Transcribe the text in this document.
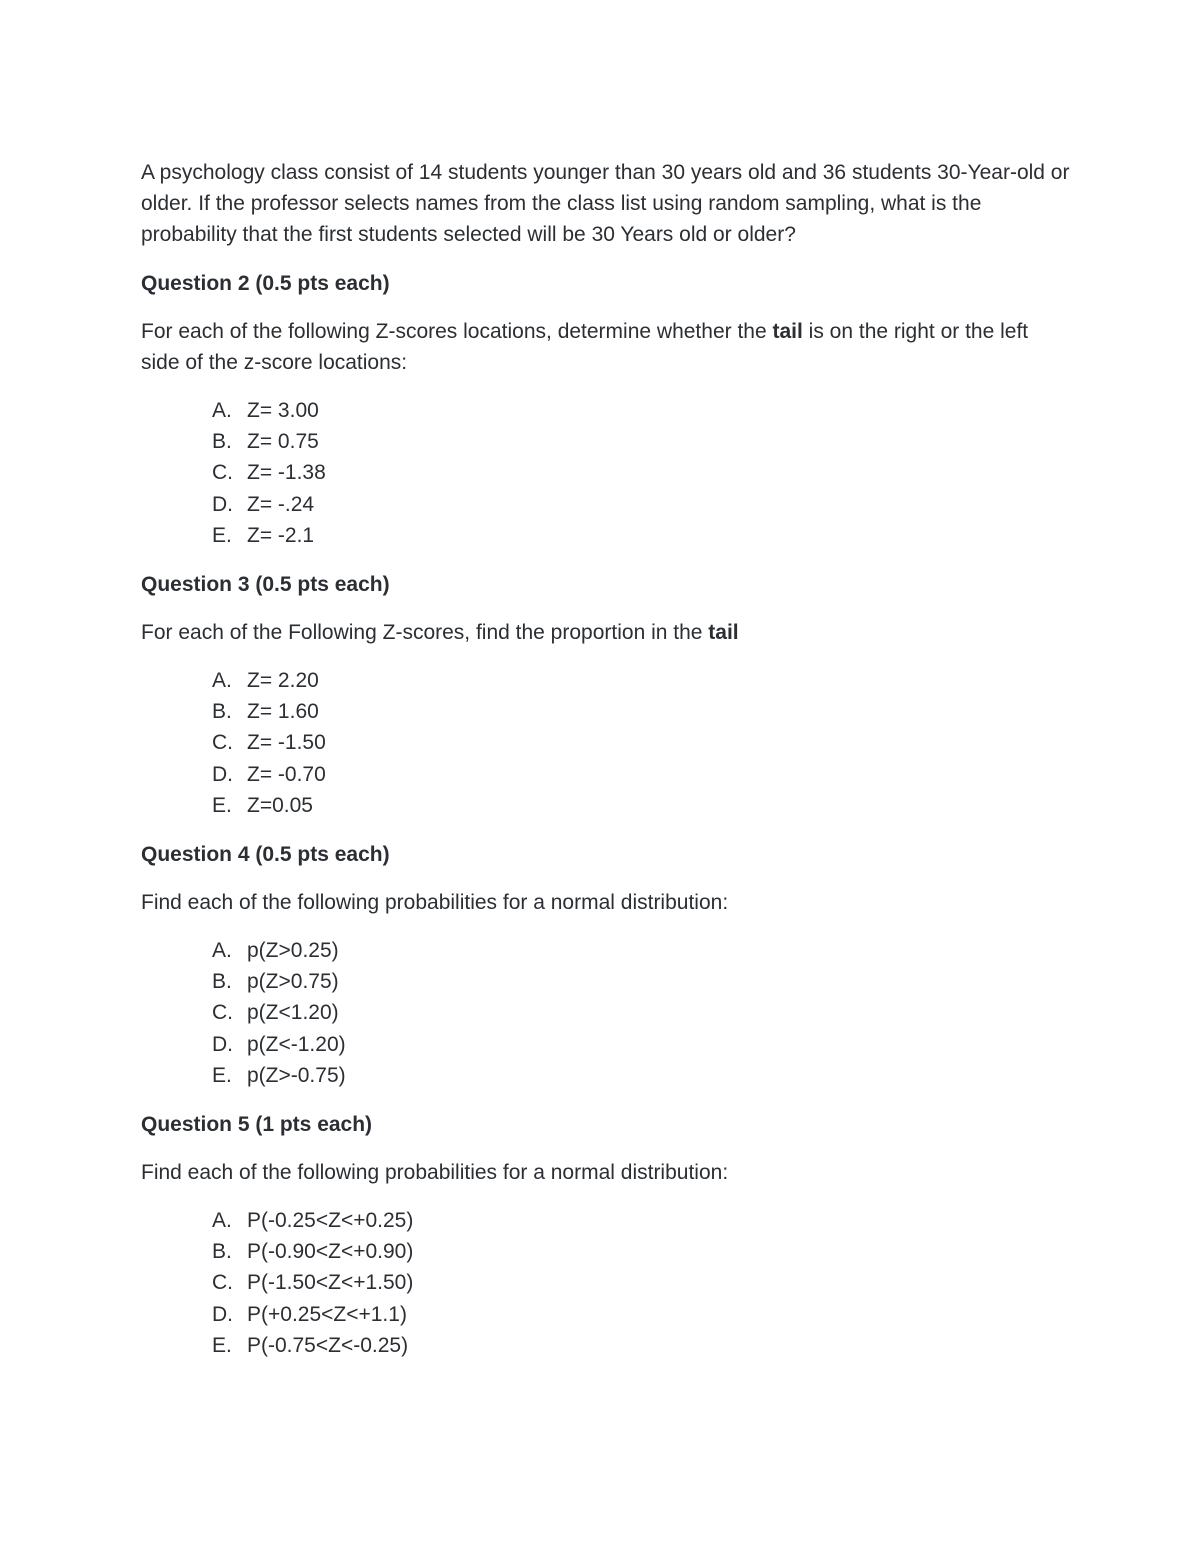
A psychology class consist of 14 students younger than 30 years old and 36 students 30-Year-old or older. If the professor selects names from the class list using random sampling, what is the probability that the first students selected will be 30 Years old or older?

Question 2 (0.5 pts each)

For each of the following Z-scores locations, determine whether the tail is on the right or the left side of the z-score locations:

A. Z= 3.00
B. Z= 0.75
C. Z= -1.38
D. Z= -.24
E. Z= -2.1
Question 3 (0.5 pts each)

For each of the Following Z-scores, find the proportion in the tail

A. Z= 2.20
B. Z= 1.60
C. Z= -1.50
D. Z= -0.70
E. Z=0.05
Question 4 (0.5 pts each)

Find each of the following probabilities for a normal distribution:

A. p(Z>0.25)
B. p(Z>0.75)
C. p(Z<1.20)
D. p(Z<-1.20)
E. p(Z>-0.75)
Question 5 (1 pts each)

Find each of the following probabilities for a normal distribution:

A. P(-0.25<Z<+0.25)
B. P(-0.90<Z<+0.90)
C. P(-1.50<Z<+1.50)
D. P(+0.25<Z<+1.1)
E. P(-0.75<Z<-0.25)
